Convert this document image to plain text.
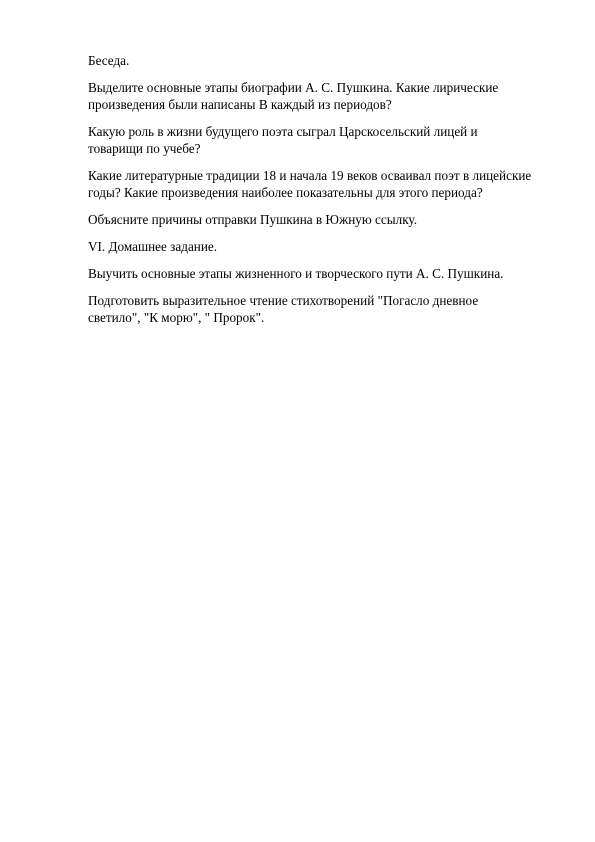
Беседа.

Выделите основные этапы биографии А. С. Пушкина. Какие лирические
произведения были написаны В каждый из периодов?

Какую роль в жизни будущего поэта сыграл Царскосельский лицей и
товарищи по учебе?

Какие литературные традиции 18 и начала 19 веков осваивал поэт в лицейские
годы? Какие произведения наиболее показательны для этого периода?

Объясните причины отправки Пушкина в Южную ссылку.

VI. Домашнее задание.

Выучить основные этапы жизненного и творческого пути А. С. Пушкина.

Подготовить выразительное чтение стихотворений "Погасло дневное
светило", "К морю", " Пророк".
